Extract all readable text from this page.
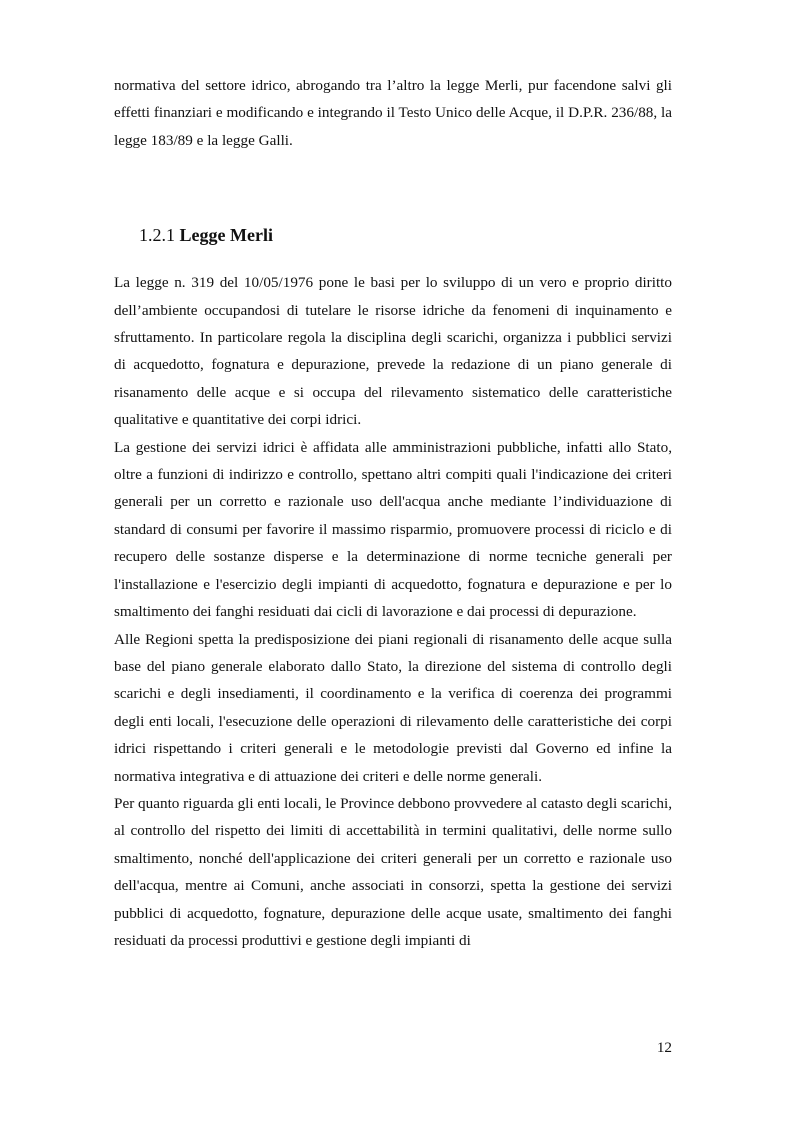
normativa del settore idrico, abrogando tra l’altro la legge Merli, pur facendone salvi gli effetti finanziari e modificando e integrando il Testo Unico delle Acque, il D.P.R. 236/88, la legge 183/89 e la legge Galli.

1.2.1 Legge Merli

La legge n. 319 del 10/05/1976 pone le basi per lo sviluppo di un vero e proprio diritto dell’ambiente occupandosi di tutelare le risorse idriche da fenomeni di inquinamento e sfruttamento. In particolare regola la disciplina degli scarichi, organizza i pubblici servizi di acquedotto, fognatura e depurazione, prevede la redazione di un piano generale di risanamento delle acque e si occupa del rilevamento sistematico delle caratteristiche qualitative e quantitative dei corpi idrici.

La gestione dei servizi idrici è affidata alle amministrazioni pubbliche, infatti allo Stato, oltre a funzioni di indirizzo e controllo, spettano altri compiti quali l'indicazione dei criteri generali per un corretto e razionale uso dell'acqua anche mediante l’individuazione di standard di consumi per favorire il massimo risparmio, promuovere processi di riciclo e di recupero delle sostanze disperse e la determinazione di norme tecniche generali per l'installazione e l'esercizio degli impianti di acquedotto, fognatura e depurazione e per lo smaltimento dei fanghi residuati dai cicli di lavorazione e dai processi di depurazione.

Alle Regioni spetta la predisposizione dei piani regionali di risanamento delle acque sulla base del piano generale elaborato dallo Stato, la direzione del sistema di controllo degli scarichi e degli insediamenti, il coordinamento e la verifica di coerenza dei programmi degli enti locali, l'esecuzione delle operazioni di rilevamento delle caratteristiche dei corpi idrici rispettando i criteri generali e le metodologie previsti dal Governo ed infine la normativa integrativa e di attuazione dei criteri e delle norme generali.

Per quanto riguarda gli enti locali, le Province debbono provvedere al catasto degli scarichi, al controllo del rispetto dei limiti di accettabilità in termini qualitativi, delle norme sullo smaltimento, nonché dell'applicazione dei criteri generali per un corretto e razionale uso dell'acqua, mentre ai Comuni, anche associati in consorzi, spetta la gestione dei servizi pubblici di acquedotto, fognature, depurazione delle acque usate, smaltimento dei fanghi residuati da processi produttivi e gestione degli impianti di

12
